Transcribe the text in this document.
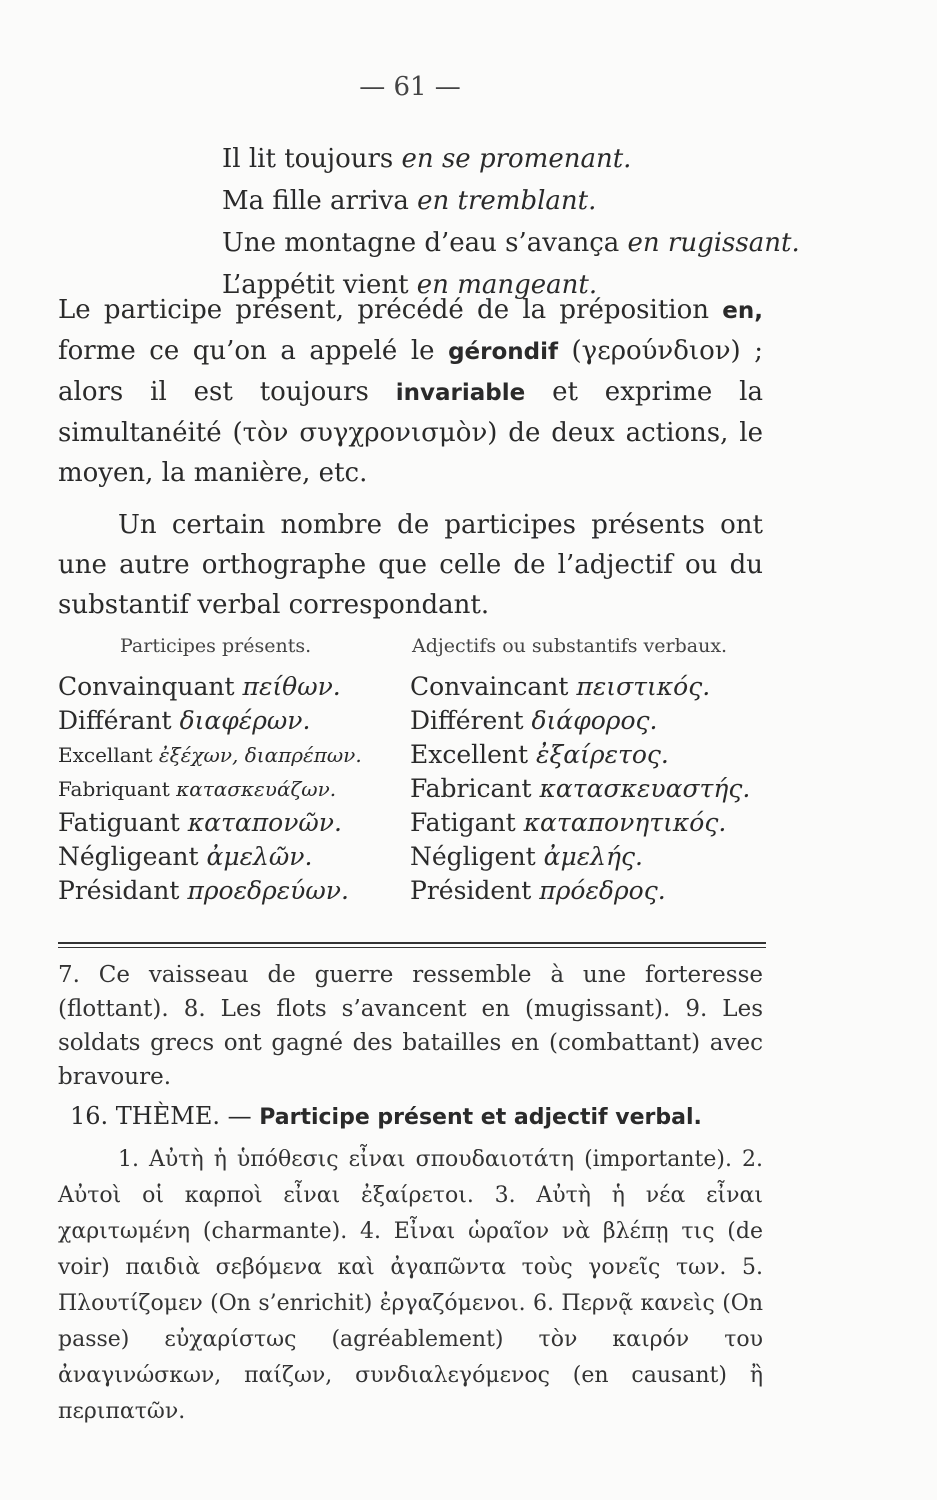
— 61 —
Il lit toujours en se promenant.
Ma fille arriva en tremblant.
Une montagne d’eau s’avança en rugissant.
L’appétit vient en mangeant.
Le participe présent, précédé de la préposition en, forme ce qu’on a appelé le gérondif (γερούνδιον) ; alors il est toujours invariable et exprime la simultanéité (τὸν συγχρονισμὸν) de deux actions, le moyen, la manière, etc.
Un certain nombre de participes présents ont une autre orthographe que celle de l’adjectif ou du substantif verbal correspondant.
Participes présents.	Adjectifs ou substantifs verbaux.
Convainquant πείθων.
Différant διαφέρων.
Excellant ἐξέχων, διαπρέπων.
Fabriquant κατασκευάζων.
Fatiguant καταπονῶν.
Négligeant ἀμελῶν.
Présidant προεδρεύων.
Convaincant πειστικός.
Différent διάφορος.
Excellent ἐξαίρετος.
Fabricant κατασκευαστής.
Fatigant καταπονητικός.
Négligent ἀμελής.
Président πρόεδρος.
7. Ce vaisseau de guerre ressemble à une forteresse (flottant). 8. Les flots s’avancent en (mugissant). 9. Les soldats grecs ont gagné des batailles en (combattant) avec bravoure.
16. THÈME. — Participe présent et adjectif verbal.
1. Αὐτὴ ἡ ὑπόθεσις εἶναι σπουδαιοτάτη (importante). 2. Αὐτοὶ οἱ καρποὶ εἶναι ἐξαίρετοι. 3. Αὐτὴ ἡ νέα εἶναι χαριτωμένη (charmante). 4. Εἶναι ὡραῖον νὰ βλέπῃ τις (de voir) παιδιὰ σεβόμενα καὶ ἀγαπῶντα τοὺς γονεῖς των. 5. Πλουτίζομεν (On s’enrichit) ἐργαζόμενοι. 6. Περνᾷ κανεὶς (On passe) εὐχαρίστως (agréablement) τὸν καιρόν του ἀναγινώσκων, παίζων, συνδιαλεγόμενος (en causant) ἢ περιπατῶν.
